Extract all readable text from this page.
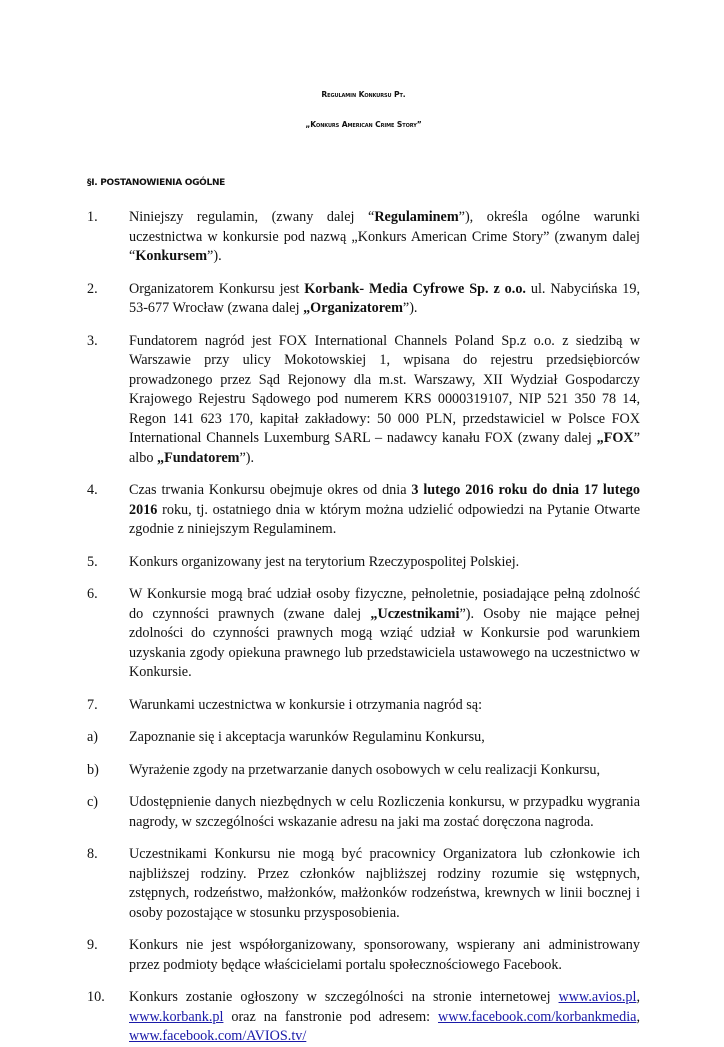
Regulamin Konkursu Pt.

„Konkurs American Crime Story”

§I. POSTANOWIENIA OGÓLNE
1.	Niniejszy regulamin, (zwany dalej “Regulaminem”), określa ogólne warunki uczestnictwa w konkursie pod nazwą „Konkurs American Crime Story” (zwanym dalej “Konkursem”).
2.	Organizatorem Konkursu jest Korbank- Media Cyfrowe Sp. z o.o. ul. Nabycińska 19, 53-677 Wrocław (zwana dalej „Organizatorem”).
3.	Fundatorem nagród jest FOX International Channels Poland Sp.z o.o. z siedzibą w Warszawie przy ulicy Mokotowskiej 1, wpisana do rejestru przedsiębiorców prowadzonego przez Sąd Rejonowy dla m.st. Warszawy, XII Wydział Gospodarczy Krajowego Rejestru Sądowego pod numerem KRS 0000319107, NIP 521 350 78 14, Regon 141 623 170, kapitał zakładowy: 50 000 PLN, przedstawiciel w Polsce FOX International Channels Luxemburg SARL – nadawcy kanału FOX (zwany dalej „FOX” albo „Fundatorem”).
4.	Czas trwania Konkursu obejmuje okres od dnia 3 lutego 2016 roku do dnia 17 lutego 2016 roku, tj. ostatniego dnia w którym można udzielić odpowiedzi na Pytanie Otwarte zgodnie z niniejszym Regulaminem.
5.	Konkurs organizowany jest na terytorium Rzeczypospolitej Polskiej.
6.	W Konkursie mogą brać udział osoby fizyczne, pełnoletnie, posiadające pełną zdolność do czynności prawnych (zwane dalej „Uczestnikami”). Osoby nie mające pełnej zdolności do czynności prawnych mogą wziąć udział w Konkursie pod warunkiem uzyskania zgody opiekuna prawnego lub przedstawiciela ustawowego na uczestnictwo w Konkursie.
7.	Warunkami uczestnictwa w konkursie i otrzymania nagród są:
a)	Zapoznanie się i akceptacja warunków Regulaminu Konkursu,
b)	Wyrażenie zgody na przetwarzanie danych osobowych w celu realizacji Konkursu,
c)	Udostępnienie danych niezbędnych w celu Rozliczenia konkursu, w przypadku wygrania nagrody, w szczególności wskazanie adresu na jaki ma zostać doręczona nagroda.
8.	Uczestnikami Konkursu nie mogą być pracownicy Organizatora lub członkowie ich najbliższej rodziny. Przez członków najbliższej rodziny rozumie się wstępnych, zstępnych, rodzeństwo, małżonków, małżonków rodzeństwa, krewnych w linii bocznej i osoby pozostające w stosunku przysposobienia.
9.	Konkurs nie jest współorganizowany, sponsorowany, wspierany ani administrowany przez podmioty będące właścicielami portalu społecznościowego Facebook.
10.	Konkurs zostanie ogłoszony w szczególności na stronie internetowej www.avios.pl, www.korbank.pl oraz na fanstronie pod adresem: www.facebook.com/korbankmedia, www.facebook.com/AVIOS.tv/
